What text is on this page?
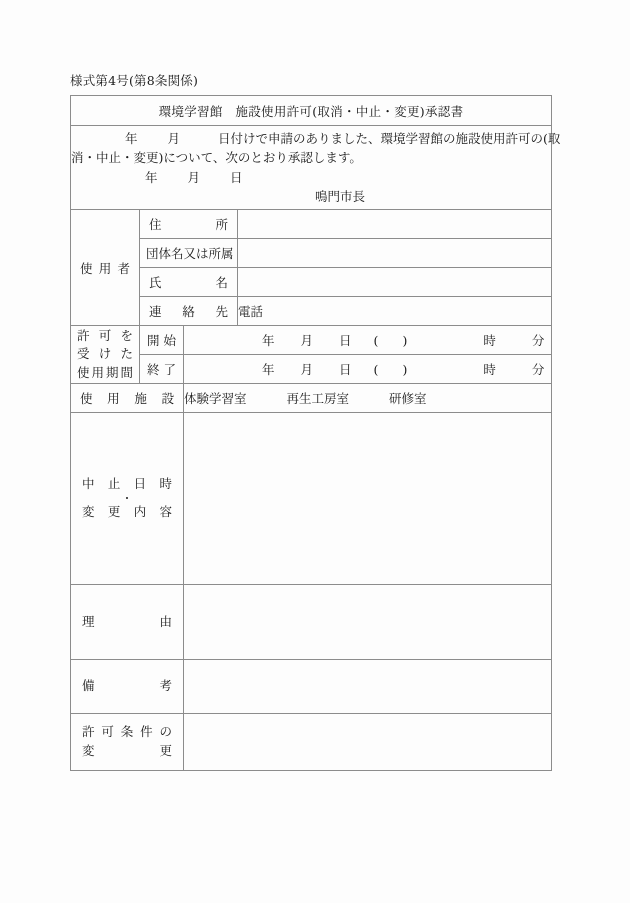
様式第4号(第8条関係)
環境学習館　施設使用許可(取消・中止・変更)承認書			

年 月 日付けで申請のありました、環境学習館の施設使用許可の(取
消・中止・変更)について、次のとおり承認します。
年 月 日
鳴門市長			

使用者	住所		

	団体名又は所属		

	氏名		

	連絡先		電話

許可を
受けた
使用期間	開始	年 月 日 ( ) 時 分	

	終了	年 月 日 ( ) 時 分	

使用施設		体験学習室 再生工房室 研修室	

中止日時
・
変更内容			

理由			

備考			

許可条件の
変更			
